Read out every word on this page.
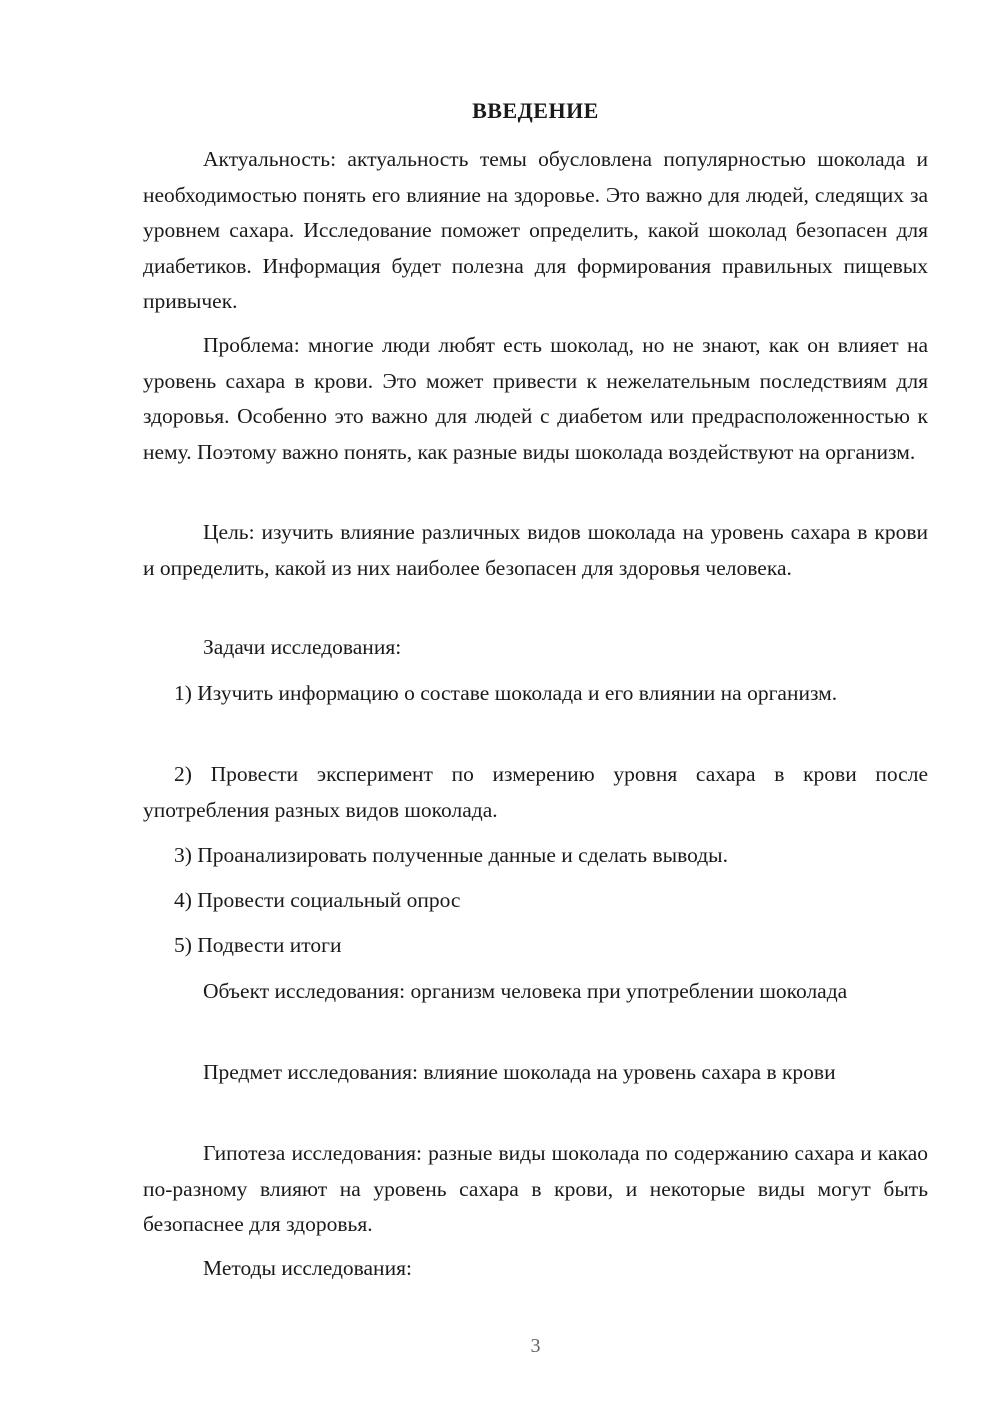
ВВЕДЕНИЕ

Актуальность: актуальность темы обусловлена популярностью шоколада и необходимостью понять его влияние на здоровье. Это важно для людей, следящих за уровнем сахара. Исследование поможет определить, какой шоколад безопасен для диабетиков. Информация будет полезна для формирования правильных пищевых привычек.

Проблема: многие люди любят есть шоколад, но не знают, как он влияет на уровень сахара в крови. Это может привести к нежелательным последствиям для здоровья. Особенно это важно для людей с диабетом или предрасположенностью к нему. Поэтому важно понять, как разные виды шоколада воздействуют на организм.

Цель: изучить влияние различных видов шоколада на уровень сахара в крови и определить, какой из них наиболее безопасен для здоровья человека.

Задачи исследования:

1) Изучить информацию о составе шоколада и его влиянии на организм.

2) Провести эксперимент по измерению уровня сахара в крови после употребления разных видов шоколада.

3) Проанализировать полученные данные и сделать выводы.

4) Провести социальный опрос

5) Подвести итоги

Объект исследования: организм человека при употреблении шоколада

Предмет исследования: влияние шоколада на уровень сахара в крови

Гипотеза исследования: разные виды шоколада по содержанию сахара и какао по-разному влияют на уровень сахара в крови, и некоторые виды могут быть безопаснее для здоровья.

Методы исследования:

3
